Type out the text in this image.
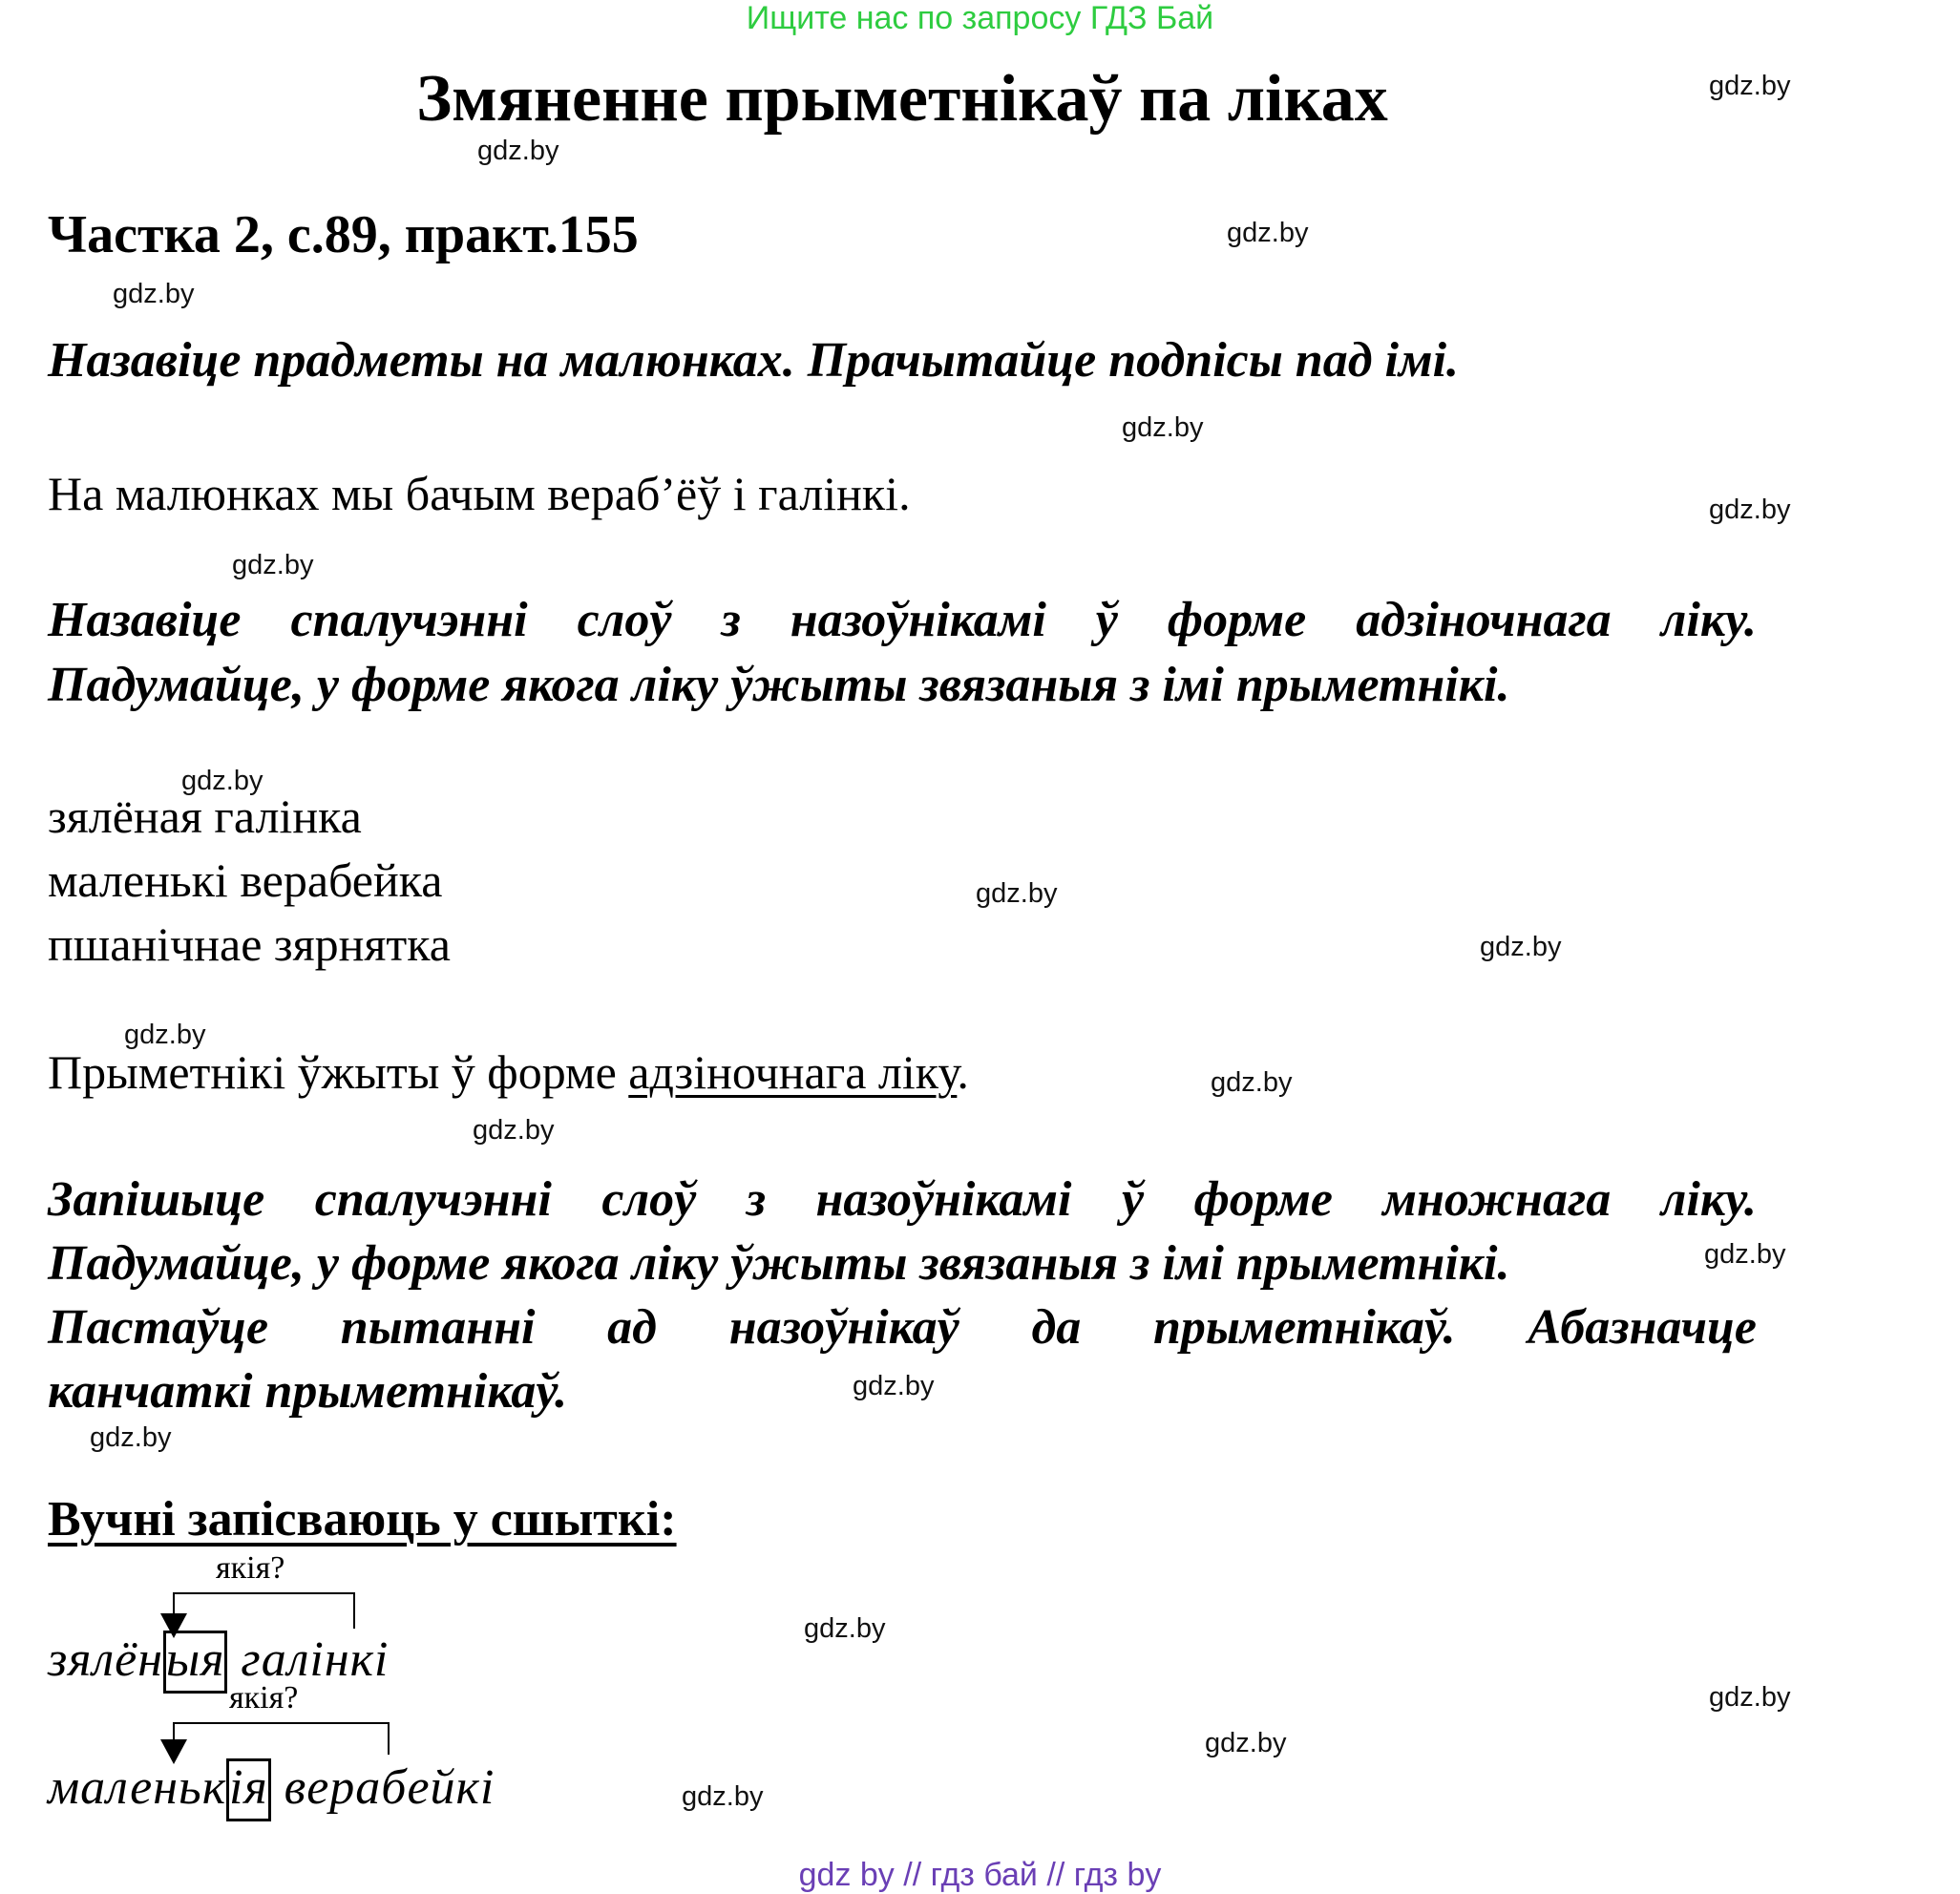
Ищите нас по запросу ГДЗ Бай
Змяненне прыметнікаў па ліках
Частка 2, с.89, практ.155
Назавіце прадметы на малюнках. Прачытайце подпісы пад імі.
На малюнках мы бачым вераб’ёў і галінкі.
Назавіце спалучэнні слоў з назоўнікамі ў форме адзіночнага ліку.
Падумайце, у форме якога ліку ўжыты звязаныя з імі прыметнікі.
зялёная галінка
маленькі верабейка
пшанічнае зярнятка
Прыметнікі ўжыты ў форме адзіночнага ліку.
Запішыце спалучэнні слоў з назоўнікамі ў форме множнага ліку.
Падумайце, у форме якога ліку ўжыты звязаныя з імі прыметнікі.
Пастаўце пытанні ад назоўнікаў да прыметнікаў. Абазначце
канчаткі прыметнікаў.
Вучні запісваюць у сшыткі:
якія?
зялёныя галінкі
якія?
маленькія верабейкі
gdz.by
gdz.by
gdz.by
gdz.by
gdz.by
gdz.by
gdz.by
gdz.by
gdz.by
gdz.by
gdz.by
gdz.by
gdz.by
gdz.by
gdz.by
gdz.by
gdz.by
gdz.by
gdz.by
gdz.by
gdz by // гдз бай // гдз by
